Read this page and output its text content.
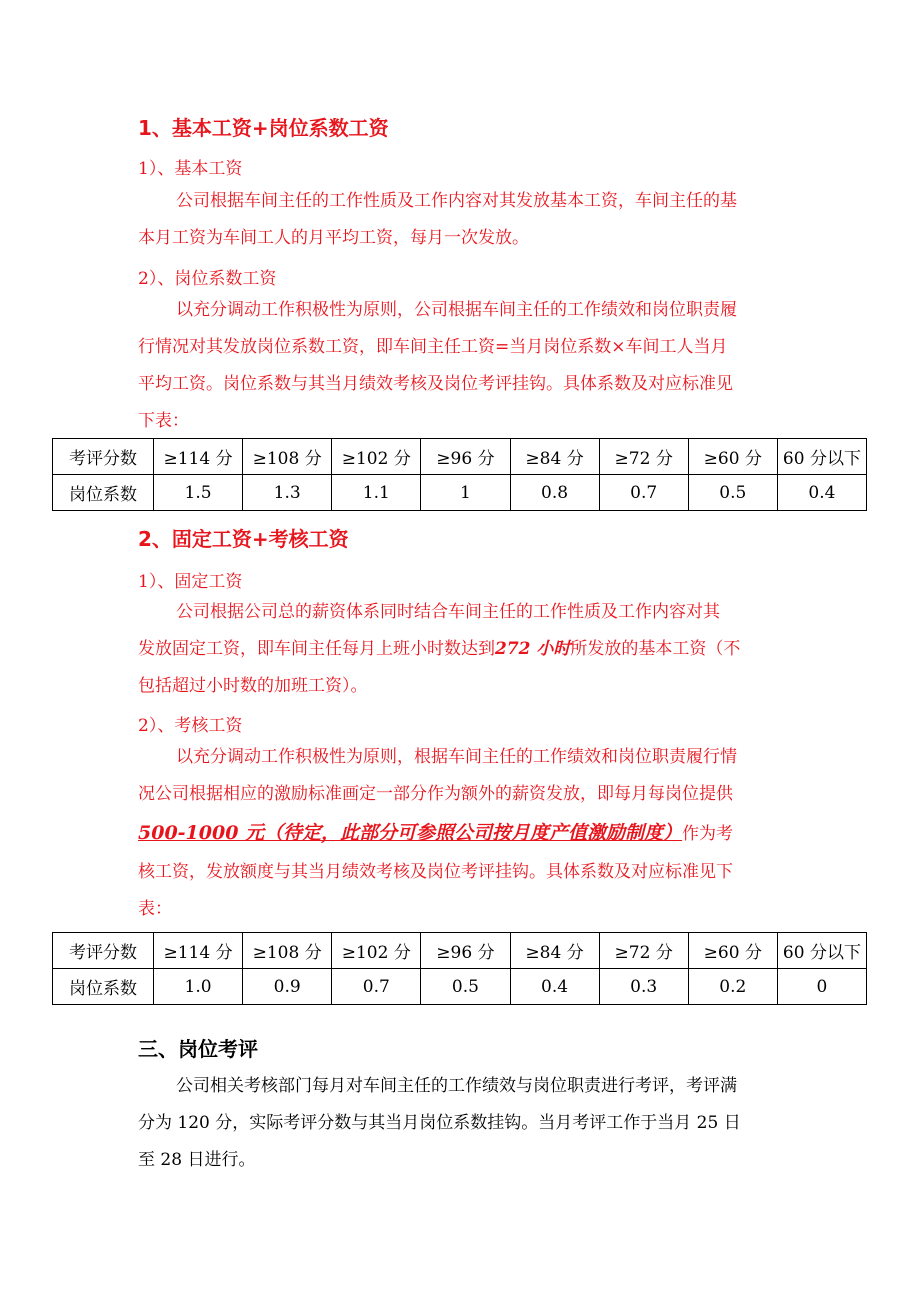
1、基本工资+岗位系数工资
1）、基本工资

公司根据车间主任的工作性质及工作内容对其发放基本工资，车间主任的基

本月工资为车间工人的月平均工资，每月一次发放。

2）、岗位系数工资

以充分调动工作积极性为原则，公司根据车间主任的工作绩效和岗位职责履

行情况对其发放岗位系数工资，即车间主任工资=当月岗位系数×车间工人当月

平均工资。岗位系数与其当月绩效考核及岗位考评挂钩。具体系数及对应标准见

下表：

考评分数	≥114 分	≥108 分	≥102 分	≥96 分	≥84 分	≥72 分	≥60 分	60 分以下
岗位系数	1.5	1.3	1.1	1	0.8	0.7	0.5	0.4
2、固定工资+考核工资
1）、固定工资

公司根据公司总的薪资体系同时结合车间主任的工作性质及工作内容对其

发放固定工资，即车间主任每月上班小时数达到272 小时所发放的基本工资（不

包括超过小时数的加班工资）。

2）、考核工资

以充分调动工作积极性为原则，根据车间主任的工作绩效和岗位职责履行情

况公司根据相应的激励标准画定一部分作为额外的薪资发放，即每月每岗位提供

500-1000 元（待定，此部分可参照公司按月度产值激励制度）作为考

核工资，发放额度与其当月绩效考核及岗位考评挂钩。具体系数及对应标准见下

表：

考评分数	≥114 分	≥108 分	≥102 分	≥96 分	≥84 分	≥72 分	≥60 分	60 分以下
岗位系数	1.0	0.9	0.7	0.5	0.4	0.3	0.2	0
三、岗位考评

公司相关考核部门每月对车间主任的工作绩效与岗位职责进行考评，考评满

分为 120 分，实际考评分数与其当月岗位系数挂钩。当月考评工作于当月 25 日

至 28 日进行。
